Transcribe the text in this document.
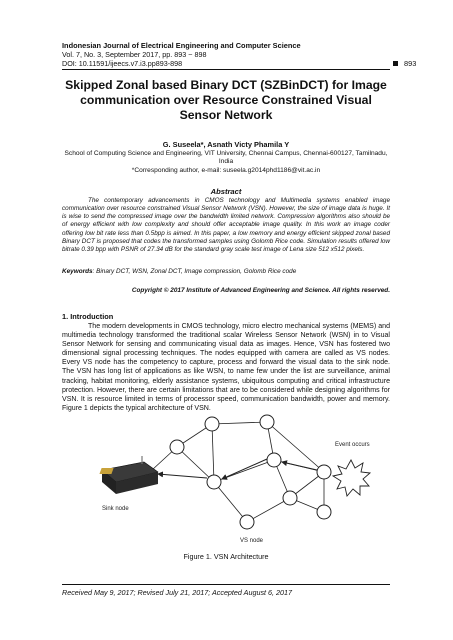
Indonesian Journal of Electrical Engineering and Computer Science
Vol. 7, No. 3, September 2017, pp. 893 ~ 898
DOI: 10.11591/ijeecs.v7.i3.pp893-898	893
Skipped Zonal based Binary DCT (SZBinDCT) for Image communication over Resource Constrained Visual Sensor Network
G. Suseela*, Asnath Victy Phamila Y
School of Computing Science and Engineering, VIT University, Chennai Campus, Chennai-600127, Tamilnadu, India
*Corresponding author, e-mail: suseela.g2014phd1186@vit.ac.in
Abstract
The contemporary advancements in CMOS technology and Multimedia systems enabled image communication over resource constrained Visual Sensor Network (VSN). However, the size of image data is huge. It is wise to send the compressed image over the bandwidth limited network. Compression algorithms also should be of energy efficient with low complexity and should offer acceptable image quality. In this work an image coder offering low bit rate less than 0.5bpp is aimed. In this paper, a low memory and energy efficient skipped zonal based Binary DCT is proposed that codes the transformed samples using Golomb Rice code. Simulation results offered low bitrate 0.39 bpp with PSNR of 27.34 dB for the standard gray scale test image of Lena size 512 x512 pixels.
Keywords: Binary DCT, WSN, Zonal DCT, Image compression, Golomb Rice code
Copyright © 2017 Institute of Advanced Engineering and Science. All rights reserved.
1. Introduction
The modern developments in CMOS technology, micro electro mechanical systems (MEMS) and multimedia technology transformed the traditional scalar Wireless Sensor Network (WSN) in to Visual Sensor Network for sensing and communicating visual data as images. Hence, VSN has fostered two dimensional signal processing techniques. The nodes equipped with camera are called as VS nodes. Every VS node has the competency to capture, process and forward the visual data to the sink node. The VSN has long list of applications as like WSN, to name few under the list are surveillance, animal tracking, habitat monitoring, elderly assistance systems, ubiquitous computing and critical infrastructure protection. However, there are certain limitations that are to be considered while designing algorithms for VSN. It is resource limited in terms of processor speed, communication bandwidth, power and memory. Figure 1 depicts the typical architecture of VSN.
Event occurs
Sink node
VS node
Figure 1. VSN Architecture
Received May 9, 2017; Revised July 21, 2017; Accepted August 6, 2017
